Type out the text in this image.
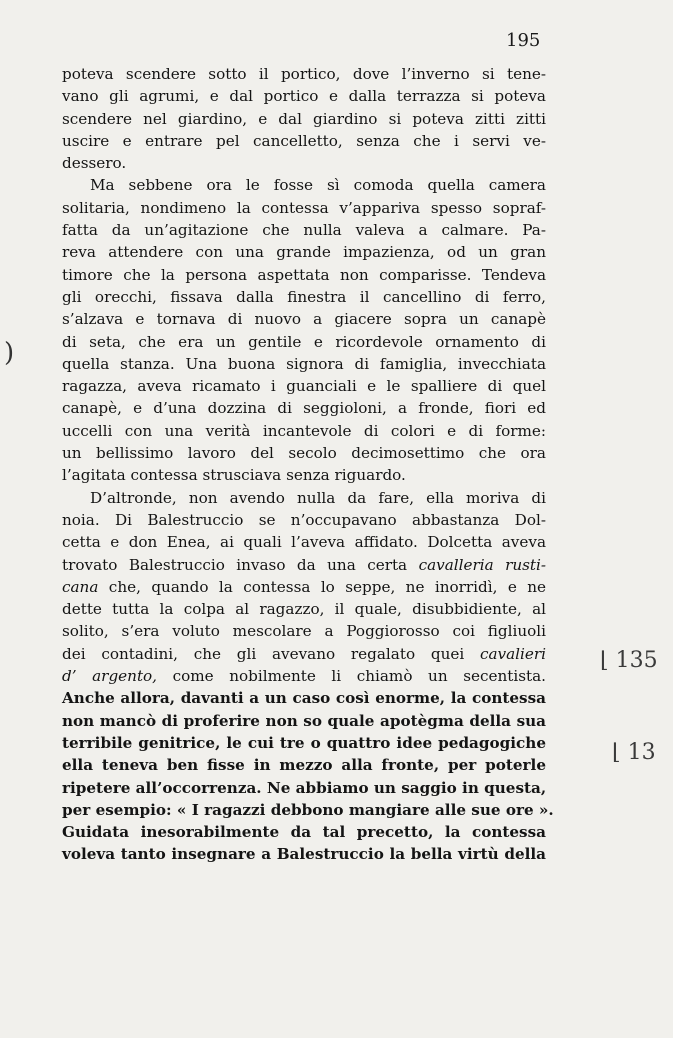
195
)
poteva scendere sotto il portico, dove l’inverno si tene-
vano gli agrumi, e dal portico e dalla terrazza si poteva
scendere nel giardino, e dal giardino si poteva zitti zitti
uscire e entrare pel cancelletto, senza che i servi ve-
dessero.
Ma sebbene ora le fosse sì comoda quella camera
solitaria, nondimeno la contessa v’appariva spesso sopraf-
fatta da un’agitazione che nulla valeva a calmare. Pa-
reva attendere con una grande impazienza, od un gran
timore che la persona aspettata non comparisse. Tendeva
gli orecchi, fissava dalla finestra il cancellino di ferro,
s’alzava e tornava di nuovo a giacere sopra un canapè
di seta, che era un gentile e ricordevole ornamento di
quella stanza. Una buona signora di famiglia, invecchiata
ragazza, aveva ricamato i guanciali e le spalliere di quel
canapè, e d’una dozzina di seggioloni, a fronde, fiori ed
uccelli con una verità incantevole di colori e di forme:
un bellissimo lavoro del secolo decimosettimo che ora
l’agitata contessa strusciava senza riguardo.
D’altronde, non avendo nulla da fare, ella moriva di
noia. Di Balestruccio se n’occupavano abbastanza Dol-
cetta e don Enea, ai quali l’aveva affidato. Dolcetta aveva
trovato Balestruccio invaso da una certa cavalleria rusti-
cana che, quando la contessa lo seppe, ne inorridì, e ne
dette tutta la colpa al ragazzo, il quale, disubbidiente, al
solito, s’era voluto mescolare a Poggiorosso coi figliuoli
dei contadini, che gli avevano regalato quei cavalieri
d’ argento, come nobilmente li chiamò un secentista.
Anche allora, davanti a un caso così enorme, la contessa
non mancò di proferire non so quale apotègma della sua
terribile genitrice, le cui tre o quattro idee pedagogiche
ella teneva ben fisse in mezzo alla fronte, per poterle
ripetere all’occorrenza. Ne abbiamo un saggio in questa,
per esempio: « I ragazzi debbono mangiare alle sue ore ».
Guidata inesorabilmente da tal precetto, la contessa
voleva tanto insegnare a Balestruccio la bella virtù della
⌊ 135
⌊ 13
